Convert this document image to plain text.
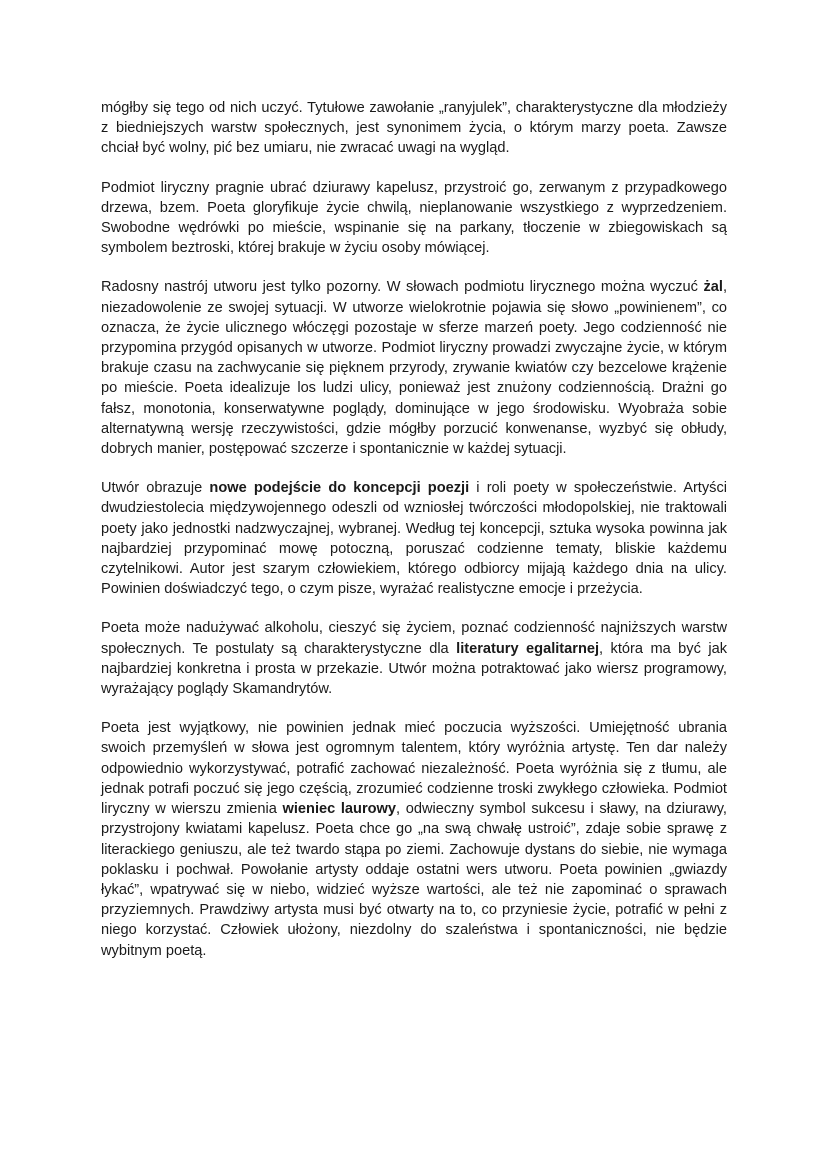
mógłby się tego od nich uczyć. Tytułowe zawołanie „ranyjulek”, charakterystyczne dla młodzieży z biedniejszych warstw społecznych, jest synonimem życia, o którym marzy poeta. Zawsze chciał być wolny, pić bez umiaru, nie zwracać uwagi na wygląd.

Podmiot liryczny pragnie ubrać dziurawy kapelusz, przystroić go, zerwanym z przypadkowego drzewa, bzem. Poeta gloryfikuje życie chwilą, nieplanowanie wszystkiego z wyprzedzeniem. Swobodne wędrówki po mieście, wspinanie się na parkany, tłoczenie w zbiegowiskach są symbolem beztroski, której brakuje w życiu osoby mówiącej.

Radosny nastrój utworu jest tylko pozorny. W słowach podmiotu lirycznego można wyczuć żal, niezadowolenie ze swojej sytuacji. W utworze wielokrotnie pojawia się słowo „powinienem”, co oznacza, że życie ulicznego włóczęgi pozostaje w sferze marzeń poety. Jego codzienność nie przypomina przygód opisanych w utworze. Podmiot liryczny prowadzi zwyczajne życie, w którym brakuje czasu na zachwycanie się pięknem przyrody, zrywanie kwiatów czy bezcelowe krążenie po mieście. Poeta idealizuje los ludzi ulicy, ponieważ jest znużony codziennością. Drażni go fałsz, monotonia, konserwatywne poglądy, dominujące w jego środowisku. Wyobraża sobie alternatywną wersję rzeczywistości, gdzie mógłby porzucić konwenanse, wyzbyć się obłudy, dobrych manier, postępować szczerze i spontanicznie w każdej sytuacji.

Utwór obrazuje nowe podejście do koncepcji poezji i roli poety w społeczeństwie. Artyści dwudziestolecia międzywojennego odeszli od wzniosłej twórczości młodopolskiej, nie traktowali poety jako jednostki nadzwyczajnej, wybranej. Według tej koncepcji, sztuka wysoka powinna jak najbardziej przypominać mowę potoczną, poruszać codzienne tematy, bliskie każdemu czytelnikowi. Autor jest szarym człowiekiem, którego odbiorcy mijają każdego dnia na ulicy. Powinien doświadczyć tego, o czym pisze, wyrażać realistyczne emocje i przeżycia.

Poeta może nadużywać alkoholu, cieszyć się życiem, poznać codzienność najniższych warstw społecznych. Te postulaty są charakterystyczne dla literatury egalitarnej, która ma być jak najbardziej konkretna i prosta w przekazie. Utwór można potraktować jako wiersz programowy, wyrażający poglądy Skamandrytów.

Poeta jest wyjątkowy, nie powinien jednak mieć poczucia wyższości. Umiejętność ubrania swoich przemyśleń w słowa jest ogromnym talentem, który wyróżnia artystę. Ten dar należy odpowiednio wykorzystywać, potrafić zachować niezależność. Poeta wyróżnia się z tłumu, ale jednak potrafi poczuć się jego częścią, zrozumieć codzienne troski zwykłego człowieka. Podmiot liryczny w wierszu zmienia wieniec laurowy, odwieczny symbol sukcesu i sławy, na dziurawy, przystrojony kwiatami kapelusz. Poeta chce go „na swą chwałę ustroić”, zdaje sobie sprawę z literackiego geniuszu, ale też twardo stąpa po ziemi. Zachowuje dystans do siebie, nie wymaga poklasku i pochwał. Powołanie artysty oddaje ostatni wers utworu. Poeta powinien „gwiazdy łykać”, wpatrywać się w niebo, widzieć wyższe wartości, ale też nie zapominać o sprawach przyziemnych. Prawdziwy artysta musi być otwarty na to, co przyniesie życie, potrafić w pełni z niego korzystać. Człowiek ułożony, niezdolny do szaleństwa i spontaniczności, nie będzie wybitnym poetą.
